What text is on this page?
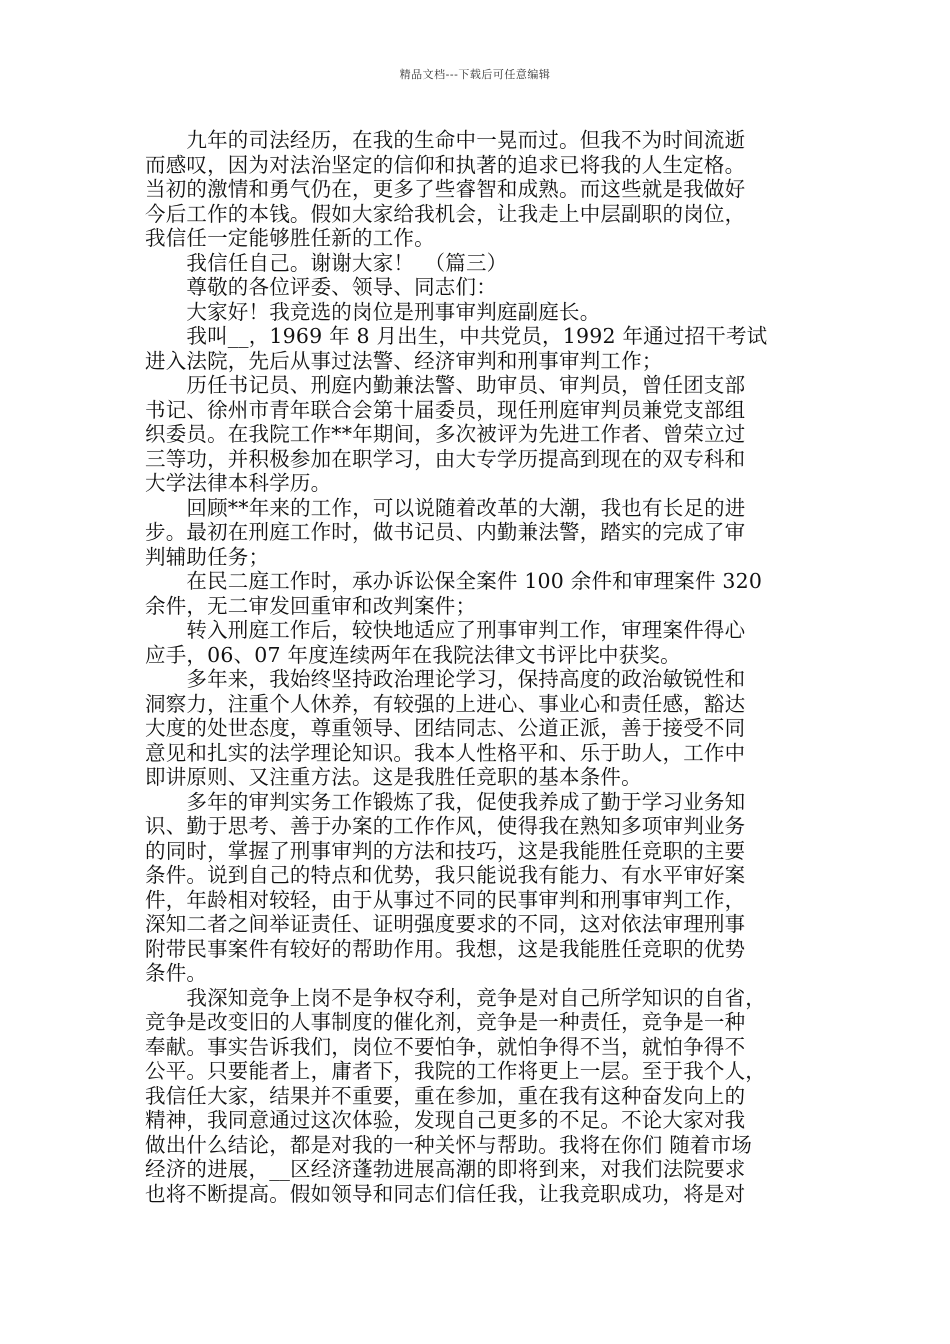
精品文档---下载后可任意编辑
　　九年的司法经历，在我的生命中一晃而过。但我不为时间流逝
而感叹，因为对法治坚定的信仰和执著的追求已将我的人生定格。
当初的激情和勇气仍在，更多了些睿智和成熟。而这些就是我做好
今后工作的本钱。假如大家给我机会，让我走上中层副职的岗位，
我信任一定能够胜任新的工作。
　　我信任自己。谢谢大家！　（篇三）
　　尊敬的各位评委、领导、同志们：
　　大家好！我竞选的岗位是刑事审判庭副庭长。
　　我叫__，1969 年 8 月出生，中共党员，1992 年通过招干考试
进入法院，先后从事过法警、经济审判和刑事审判工作；
　　历任书记员、刑庭内勤兼法警、助审员、审判员，曾任团支部
书记、徐州市青年联合会第十届委员，现任刑庭审判员兼党支部组
织委员。在我院工作**年期间，多次被评为先进工作者、曾荣立过
三等功，并积极参加在职学习，由大专学历提高到现在的双专科和
大学法律本科学历。
　　回顾**年来的工作，可以说随着改革的大潮，我也有长足的进
步。最初在刑庭工作时，做书记员、内勤兼法警，踏实的完成了审
判辅助任务；
　　在民二庭工作时，承办诉讼保全案件 100 余件和审理案件 320
余件，无二审发回重审和改判案件；
　　转入刑庭工作后，较快地适应了刑事审判工作，审理案件得心
应手，06、07 年度连续两年在我院法律文书评比中获奖。
　　多年来，我始终坚持政治理论学习，保持高度的政治敏锐性和
洞察力，注重个人休养，有较强的上进心、事业心和责任感，豁达
大度的处世态度，尊重领导、团结同志、公道正派，善于接受不同
意见和扎实的法学理论知识。我本人性格平和、乐于助人，工作中
即讲原则、又注重方法。这是我胜任竞职的基本条件。
　　多年的审判实务工作锻炼了我，促使我养成了勤于学习业务知
识、勤于思考、善于办案的工作作风，使得我在熟知多项审判业务
的同时，掌握了刑事审判的方法和技巧，这是我能胜任竞职的主要
条件。说到自己的特点和优势，我只能说我有能力、有水平审好案
件，年龄相对较轻，由于从事过不同的民事审判和刑事审判工作，
深知二者之间举证责任、证明强度要求的不同，这对依法审理刑事
附带民事案件有较好的帮助作用。我想，这是我能胜任竞职的优势
条件。
　　我深知竞争上岗不是争权夺利，竞争是对自己所学知识的自省，
竞争是改变旧的人事制度的催化剂，竞争是一种责任，竞争是一种
奉献。事实告诉我们，岗位不要怕争，就怕争得不当，就怕争得不
公平。只要能者上，庸者下，我院的工作将更上一层。至于我个人，
我信任大家，结果并不重要，重在参加，重在我有这种奋发向上的
精神，我同意通过这次体验，发现自己更多的不足。不论大家对我
做出什么结论，都是对我的一种关怀与帮助。我将在你们 随着市场
经济的进展，__区经济蓬勃进展高潮的即将到来，对我们法院要求
也将不断提高。假如领导和同志们信任我，让我竞职成功，将是对
